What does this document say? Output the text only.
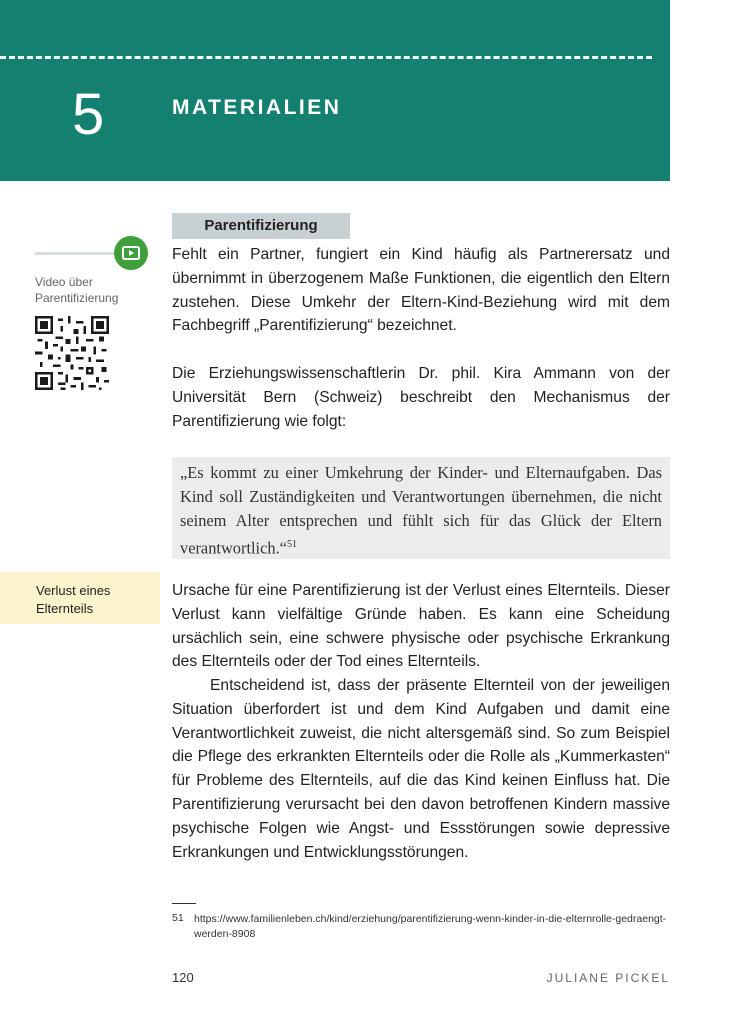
5	MATERIALIEN
Parentifizierung
Video über Parentifizierung
Fehlt ein Partner, fungiert ein Kind häufig als Partnerersatz und übernimmt in überzogenem Maße Funktionen, die eigentlich den Eltern zustehen. Diese Umkehr der Eltern-Kind-Beziehung wird mit dem Fachbegriff „Parentifizierung“ bezeichnet.
Die Erziehungswissenschaftlerin Dr. phil. Kira Ammann von der Universität Bern (Schweiz) beschreibt den Mechanismus der Parentifizierung wie folgt:

„Es kommt zu einer Umkehrung der Kinder- und Elternaufgaben. Das Kind soll Zuständigkeiten und Verantwortungen übernehmen, die nicht seinem Alter entsprechen und fühlt sich für das Glück der Eltern verantwortlich.“$^{51}$

Verlust eines Elternteils
Ursache für eine Parentifizierung ist der Verlust eines Elternteils. Dieser Verlust kann vielfältige Gründe haben. Es kann eine Scheidung ursächlich sein, eine schwere physische oder psychische Erkrankung des Elternteils oder der Tod eines Elternteils.
Entscheidend ist, dass der präsente Elternteil von der jeweiligen Situation überfordert ist und dem Kind Aufgaben und damit eine Verantwortlichkeit zuweist, die nicht altersgemäß sind. So zum Beispiel die Pflege des erkrankten Elternteils oder die Rolle als „Kummerkasten“ für Probleme des Elternteils, auf die das Kind keinen Einfluss hat. Die Parentifizierung verursacht bei den davon betroffenen Kindern massive psychische Folgen wie Angst- und Essstörungen sowie depressive Erkrankungen und Entwicklungsstörungen.
51 https://www.familienleben.ch/kind/erziehung/parentifizierung-wenn-kinder-in-die-elternrolle-gedraengt-werden-8908
120	JULIANE PICKEL
